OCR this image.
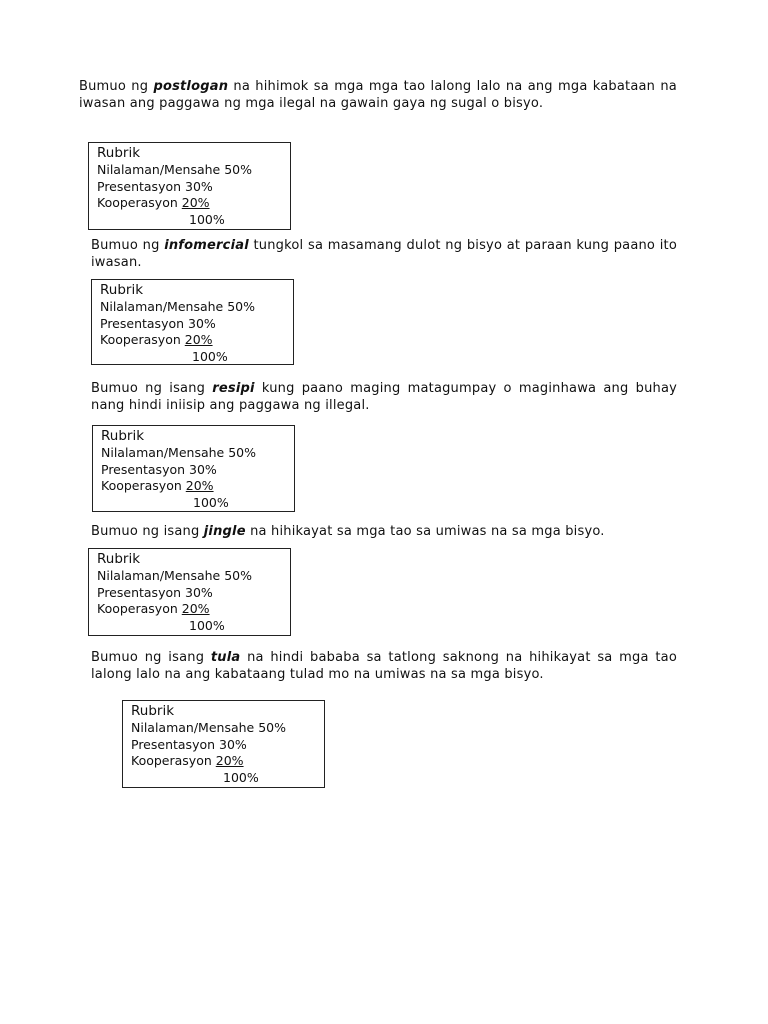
Bumuo ng postlogan na hihimok sa mga mga tao lalong lalo na ang mga kabataan na iwasan ang paggawa ng mga ilegal na gawain gaya ng sugal o bisyo.
Rubrik
Nilalaman/Mensahe 50%
Presentasyon 30%
Kooperasyon 20%
100%
Bumuo ng infomercial tungkol sa masamang dulot ng bisyo at paraan kung paano ito iwasan.
Rubrik
Nilalaman/Mensahe 50%
Presentasyon 30%
Kooperasyon 20%
100%
Bumuo ng isang resipi kung paano maging matagumpay o maginhawa ang buhay nang hindi iniisip ang paggawa ng illegal.
Rubrik
Nilalaman/Mensahe 50%
Presentasyon 30%
Kooperasyon 20%
100%
Bumuo ng isang jingle na hihikayat sa mga tao sa umiwas na sa mga bisyo.
Rubrik
Nilalaman/Mensahe 50%
Presentasyon 30%
Kooperasyon 20%
100%
Bumuo ng isang tula na hindi bababa sa tatlong saknong na hihikayat sa mga tao lalong lalo na ang kabataang tulad mo na umiwas na sa mga bisyo.
Rubrik
Nilalaman/Mensahe 50%
Presentasyon 30%
Kooperasyon 20%
100%
